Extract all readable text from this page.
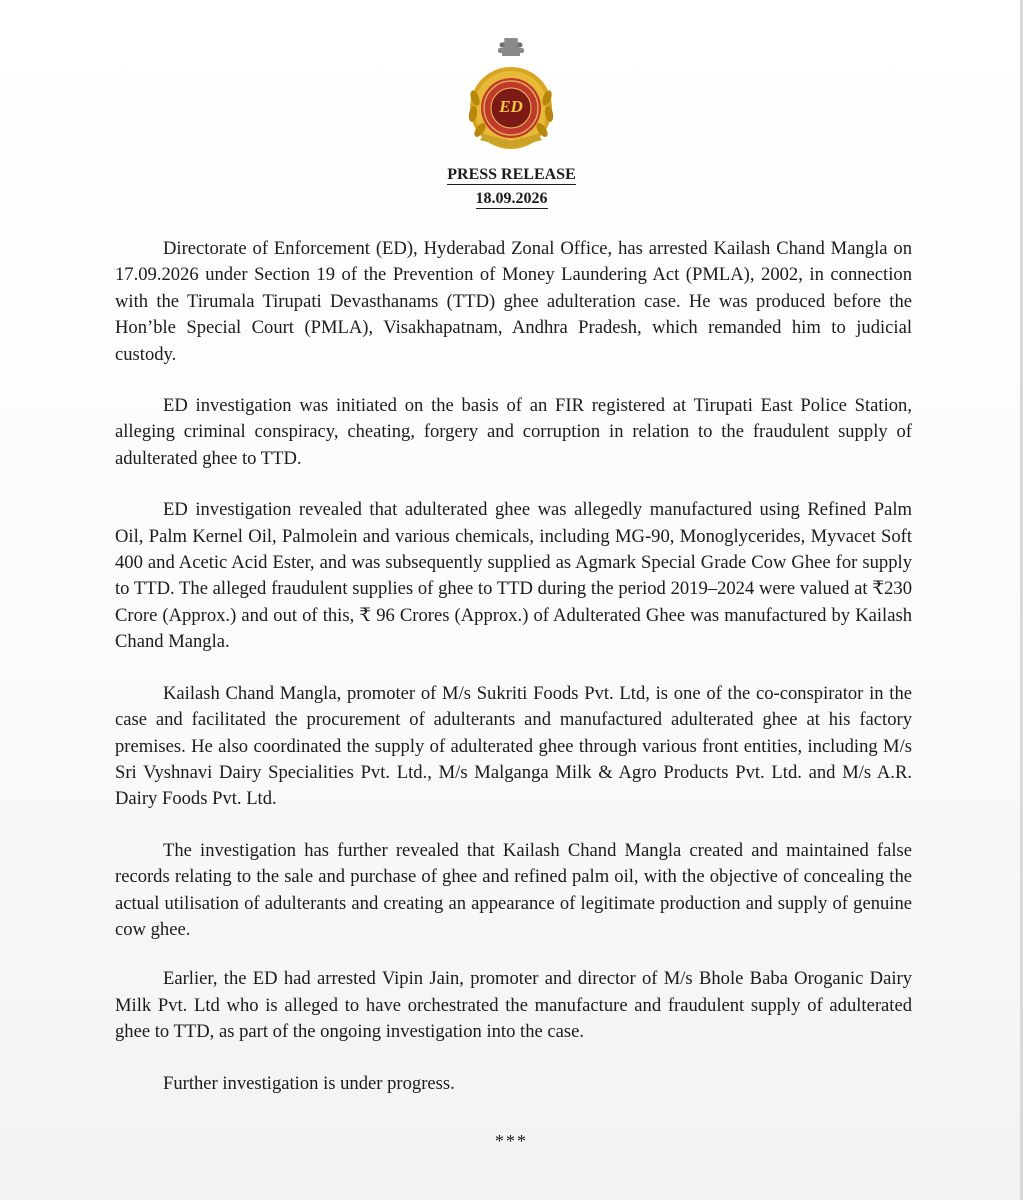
ED
PRESS RELEASE
18.09.2026

Directorate of Enforcement (ED), Hyderabad Zonal Office, has arrested Kailash Chand Mangla on 17.09.2026 under Section 19 of the Prevention of Money Laundering Act (PMLA), 2002, in connection with the Tirumala Tirupati Devasthanams (TTD) ghee adulteration case. He was produced before the Hon’ble Special Court (PMLA), Visakhapatnam, Andhra Pradesh, which remanded him to judicial custody.

ED investigation was initiated on the basis of an FIR registered at Tirupati East Police Station, alleging criminal conspiracy, cheating, forgery and corruption in relation to the fraudulent supply of adulterated ghee to TTD.

ED investigation revealed that adulterated ghee was allegedly manufactured using Refined Palm Oil, Palm Kernel Oil, Palmolein and various chemicals, including MG-90, Monoglycerides, Myvacet Soft 400 and Acetic Acid Ester, and was subsequently supplied as Agmark Special Grade Cow Ghee for supply to TTD. The alleged fraudulent supplies of ghee to TTD during the period 2019–2024 were valued at ₹230 Crore (Approx.) and out of this, ₹ 96 Crores (Approx.) of Adulterated Ghee was manufactured by Kailash Chand Mangla.

Kailash Chand Mangla, promoter of M/s Sukriti Foods Pvt. Ltd, is one of the co-conspirator in the case and facilitated the procurement of adulterants and manufactured adulterated ghee at his factory premises. He also coordinated the supply of adulterated ghee through various front entities, including M/s Sri Vyshnavi Dairy Specialities Pvt. Ltd., M/s Malganga Milk & Agro Products Pvt. Ltd. and M/s A.R. Dairy Foods Pvt. Ltd.

The investigation has further revealed that Kailash Chand Mangla created and maintained false records relating to the sale and purchase of ghee and refined palm oil, with the objective of concealing the actual utilisation of adulterants and creating an appearance of legitimate production and supply of genuine cow ghee.

Earlier, the ED had arrested Vipin Jain, promoter and director of M/s Bhole Baba Oroganic Dairy Milk Pvt. Ltd who is alleged to have orchestrated the manufacture and fraudulent supply of adulterated ghee to TTD, as part of the ongoing investigation into the case.

Further investigation is under progress.

***
